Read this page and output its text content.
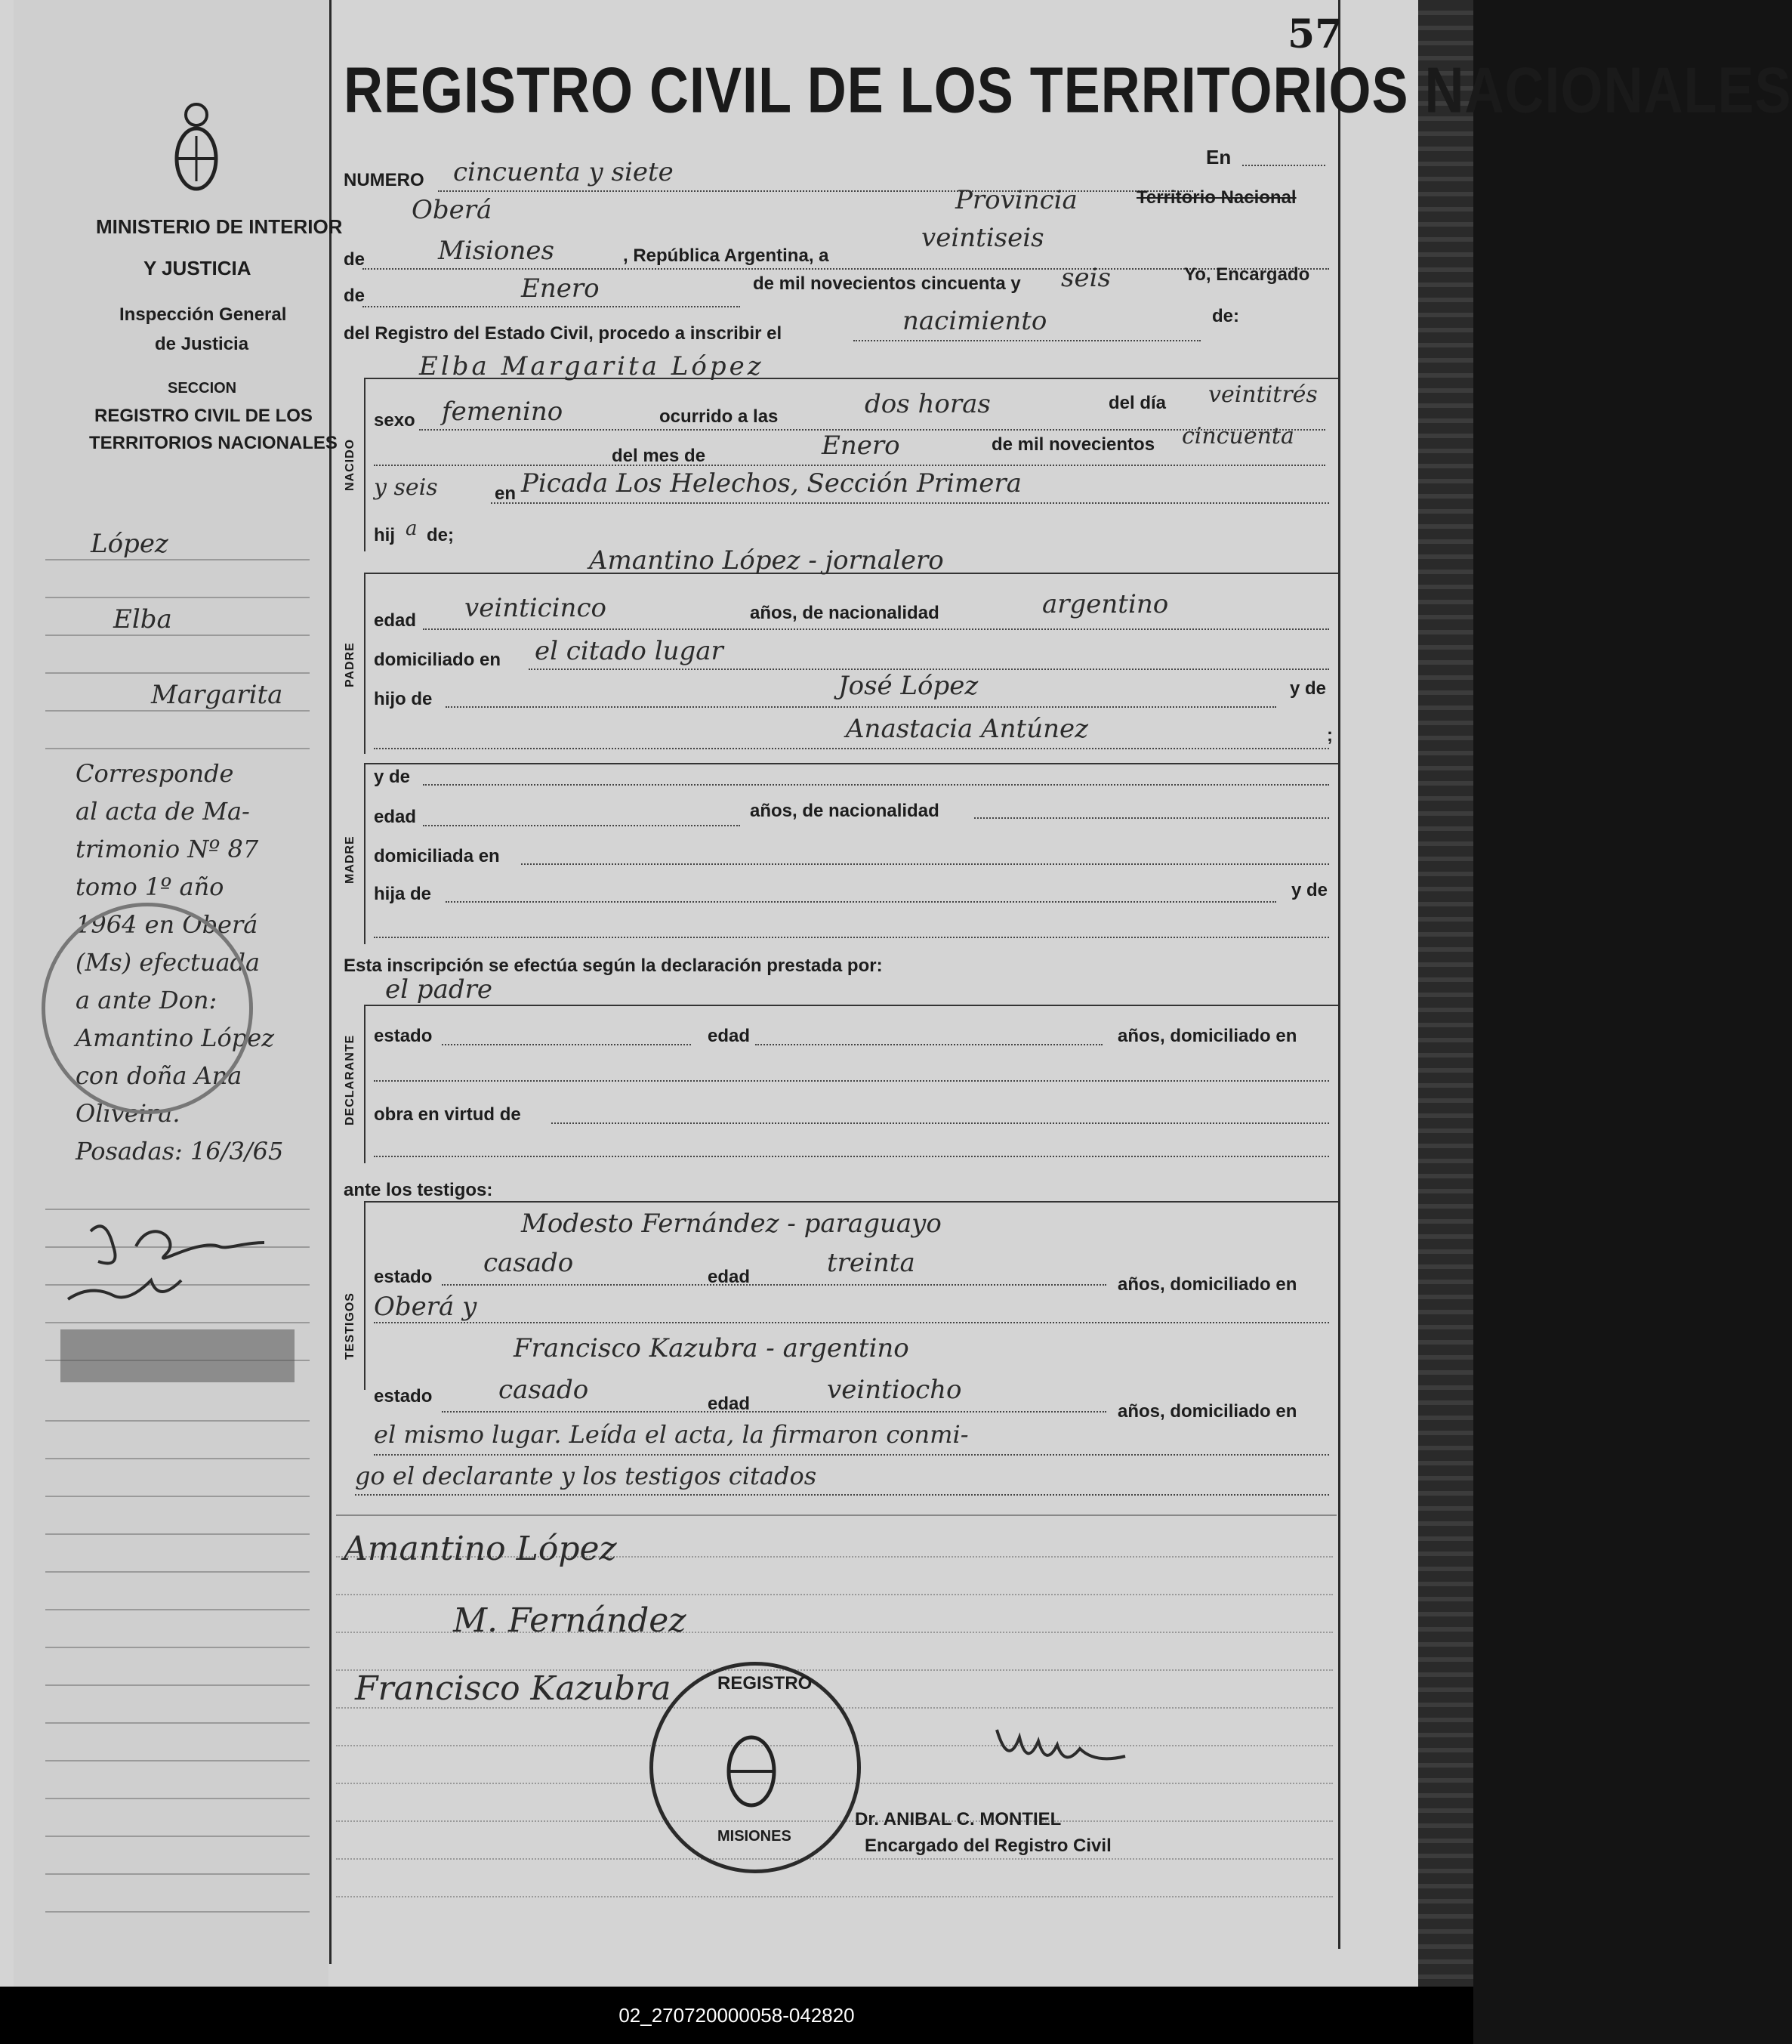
MINISTERIO DE INTERIOR
Y JUSTICIA
Inspección General
de Justicia
SECCION
REGISTRO CIVIL DE LOS
TERRITORIOS NACIONALES
López
Elba
Margarita
Corresponde
al acta de Ma-
trimonio Nº 87
tomo 1º año
1964 en Oberá
(Ms) efectuada
a ante Don:
Amantino López
con doña Ana
Oliveira.
Posadas: 16/3/65
57
REGISTRO CIVIL DE LOS TERRITORIOS NACIONALES
NUMERO cincuenta y siete	En
Oberá	Provincia	Territorio Nacional
de	Misiones	, República Argentina, a
veintiseis
de	Enero	de mil novecientos cincuenta y seis	Yo, Encargado
del Registro del Estado Civil, procedo a inscribir el	nacimiento	de:
NACIDO
Elba Margarita López
sexo femenino	ocurrido a las	dos horas	del día veintitrés
del mes de	Enero	de mil novecientos cincuenta
y seis	en Picada Los Helechos, Sección Primera
hij a de;
PADRE
Amantino López - jornalero
edad veinticinco	años, de nacionalidad	argentino
domiciliado en el citado lugar
hijo de	José López	y de
Anastacia Antúnez	;
MADRE
y de
edad	años, de nacionalidad
domiciliada en
hija de	y de
Esta inscripción se efectúa según la declaración prestada por:
el padre
DECLARANTE estado	edad	años, domiciliado en
obra en virtud de
ante los testigos:
TESTIGOS
Modesto Fernández - paraguayo
estado casado	edad	treinta
años, domiciliado en
Oberá y
Francisco Kazubra - argentino
estado	casado	edad	veintiocho
años, domiciliado en
el mismo lugar. Leída el acta, la firmaron conmi-
go el declarante y los testigos citados
Amantino López
M. Fernández
Francisco Kazubra	REGISTRO
MISIONES
Dr. ANIBAL C. MONTIEL
Encargado del Registro Civil
02_270720000058-042820
